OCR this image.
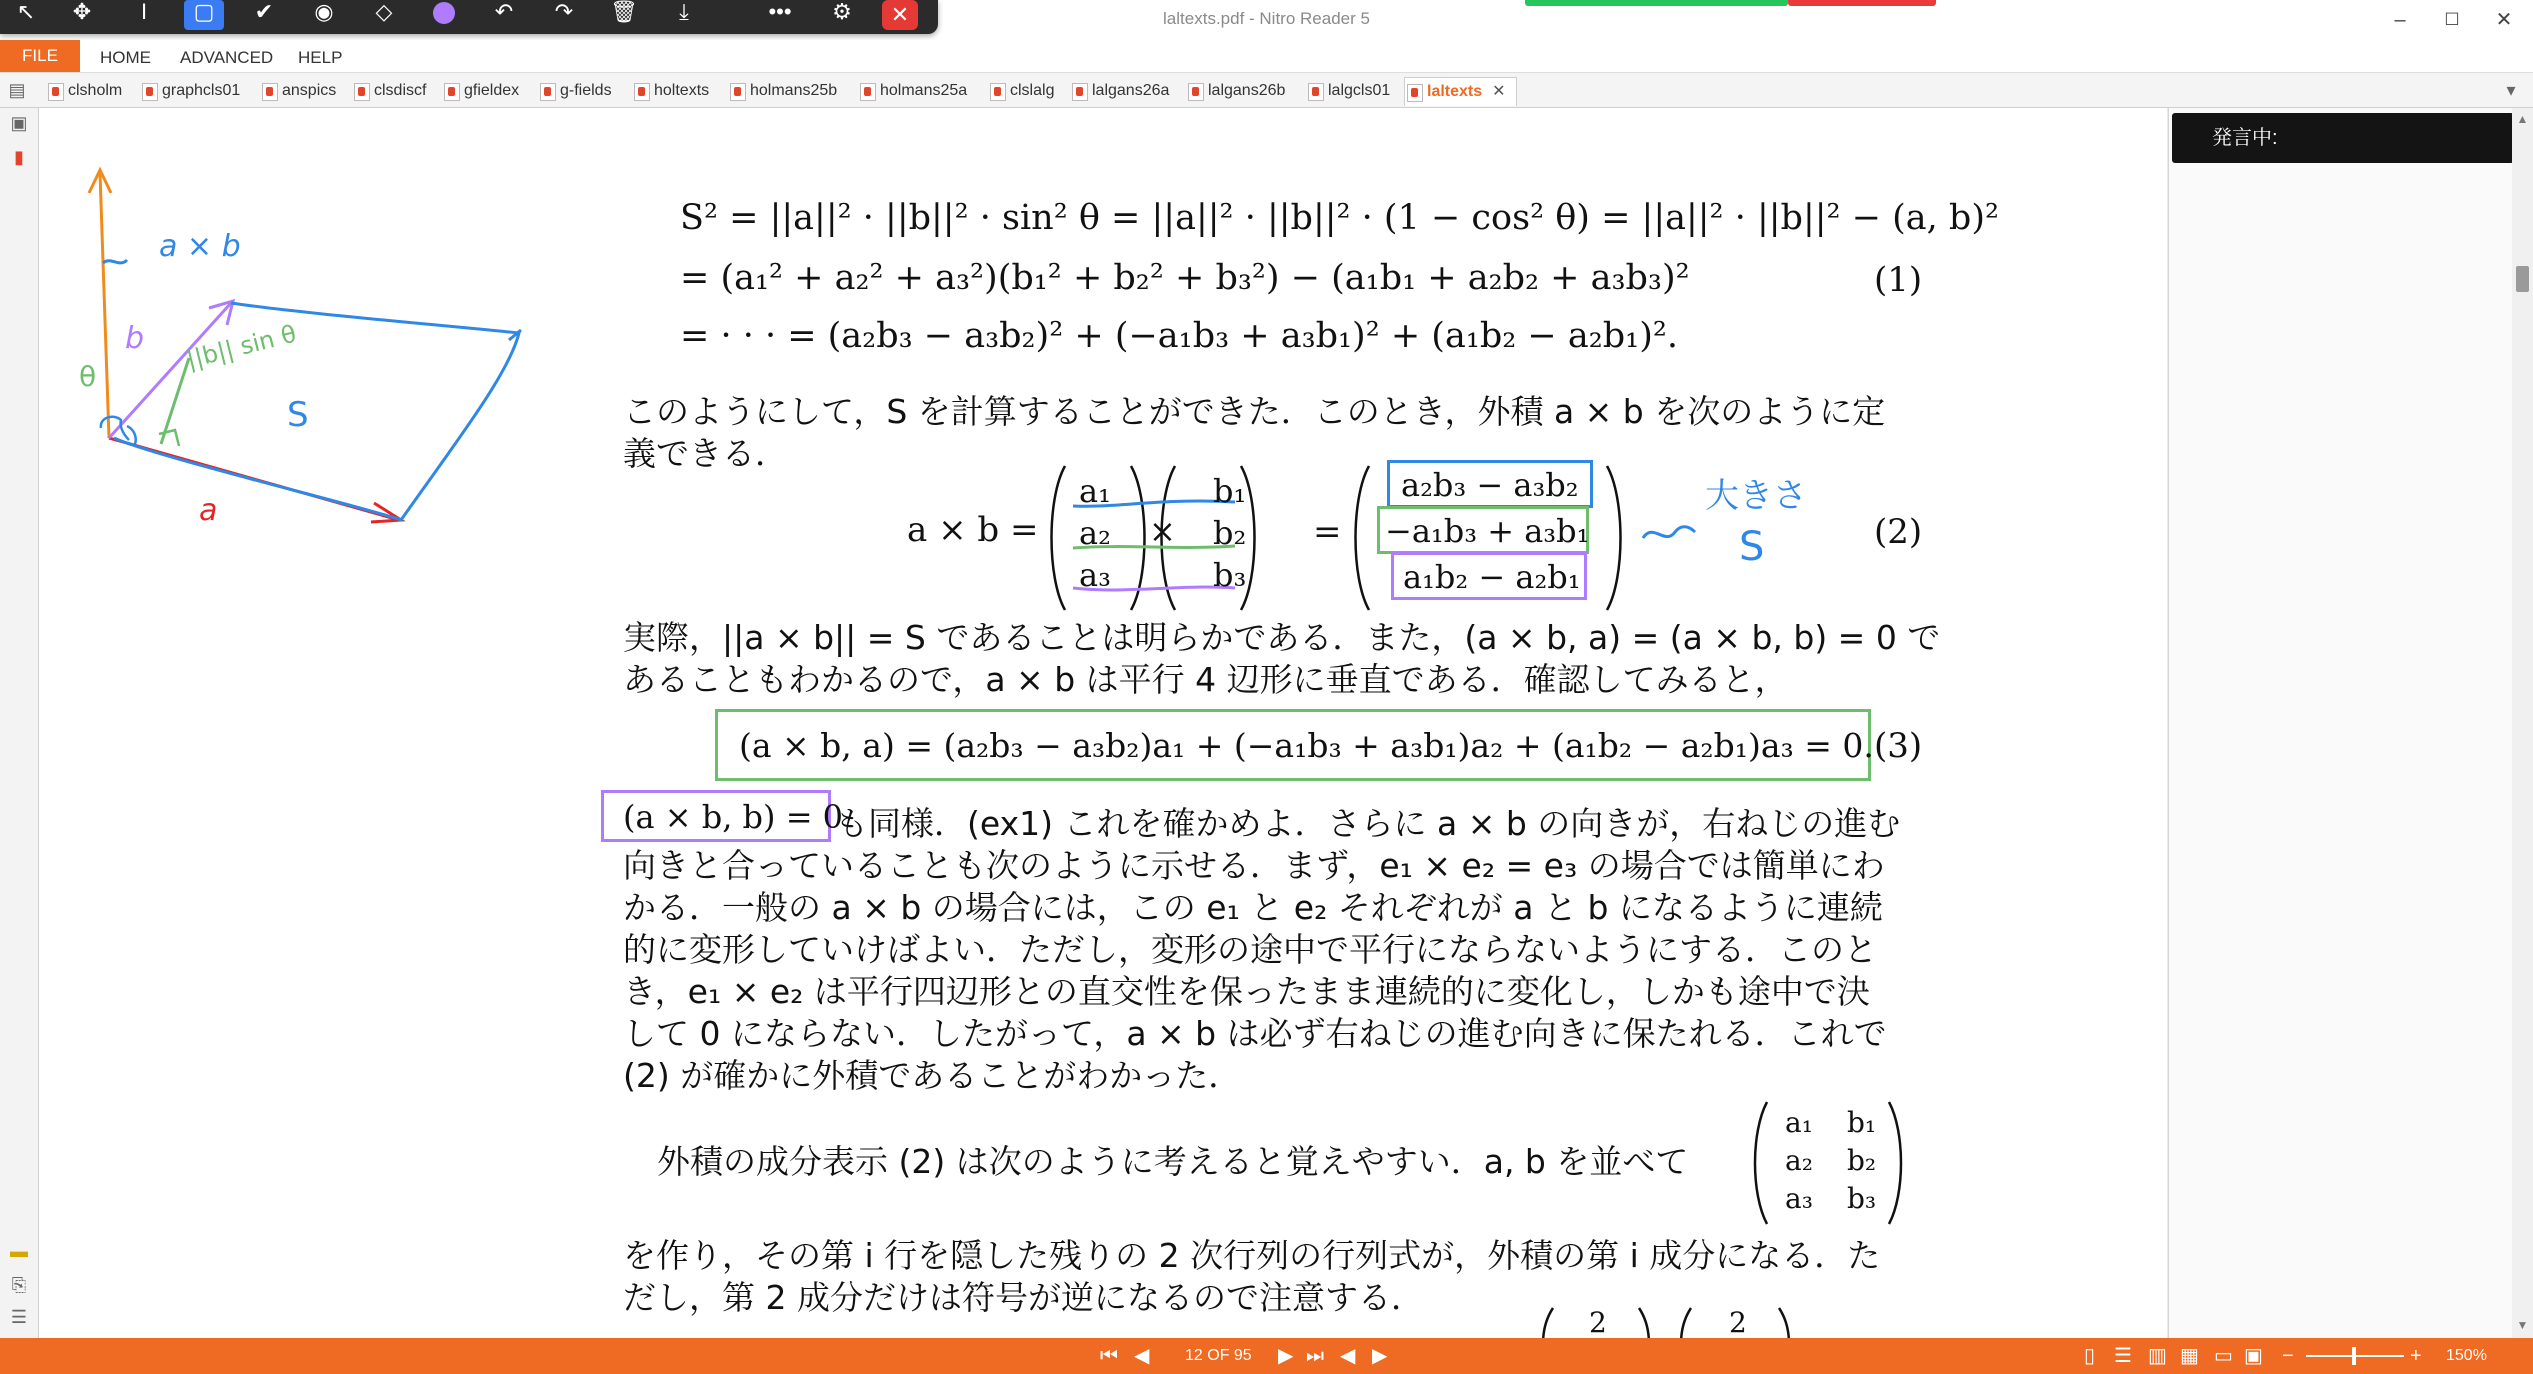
laltexts.pdf - Nitro Reader 5	–	☐	✕
↖	✥	I	▢	✔	◉	◇	↶	↷	🗑	⤓	•••	⚙	✕
FILE	HOME ADVANCED HELP
▤	clsholm	graphcls01	anspics	clsdiscf	gfieldex	g-fields	holtexts	holmans25b	holmans25a	clslalg	lalgans26a	lalgans26b	lalgcls01	laltexts ✕	▾
▣
▮
▬
⎘
☰
a × b
b
a
θ
||b|| sin θ
S
S² = ||a||² · ||b||² · sin² θ = ||a||² · ||b||² · (1 − cos² θ) = ||a||² · ||b||² − (a, b)²
= (a₁² + a₂² + a₃²)(b₁² + b₂² + b₃²) − (a₁b₁ + a₂b₂ + a₃b₃)²
= · · · = (a₂b₃ − a₃b₂)² + (−a₁b₃ + a₃b₁)² + (a₁b₂ − a₂b₁)².
(1)
このようにして，S を計算することができた．このとき，外積 a × b を次のように定
義できる．
a × b =
a₁
a₂
a₃
×
b₁
b₂
b₃
=
a₂b₃ − a₃b₂
−a₁b₃ + a₃b₁
a₁b₂ − a₂b₁
大きさ
S	(2)
実際，||a × b|| = S であることは明らかである．また，(a × b, a) = (a × b, b) = 0 で
あることもわかるので，a × b は平行 4 辺形に垂直である．確認してみると，
(a × b, a) = (a₂b₃ − a₃b₂)a₁ + (−a₁b₃ + a₃b₁)a₂ + (a₁b₂ − a₂b₁)a₃ = 0. (3)
(a × b, b) = 0
も同様．(ex1) これを確かめよ．さらに a × b の向きが，右ねじの進む
向きと合っていることも次のように示せる．まず，e₁ × e₂ = e₃ の場合では簡単にわ
かる．一般の a × b の場合には，この e₁ と e₂ それぞれが a と b になるように連続
的に変形していけばよい．ただし，変形の途中で平行にならないようにする．このと
き，e₁ × e₂ は平行四辺形との直交性を保ったまま連続的に変化し，しかも途中で決
して 0 にならない．したがって，a × b は必ず右ねじの進む向きに保たれる．これで
(2) が確かに外積であることがわかった．
外積の成分表示 (2) は次のように考えると覚えやすい．a, b を並べて
a₁ b₁
a₂ b₂
a₃ b₃
を作り，その第 i 行を隠した残りの 2 次行列の行列式が，外積の第 i 成分になる．た
だし，第 2 成分だけは符号が逆になるので注意する．
2	2
発言中:
▲
▼
⏮ ◀ 12 OF 95 ▶ ⏭ ◀ ▶	▯ ☰ ▥ ▦ ▭ ▣ −	+ 150%
